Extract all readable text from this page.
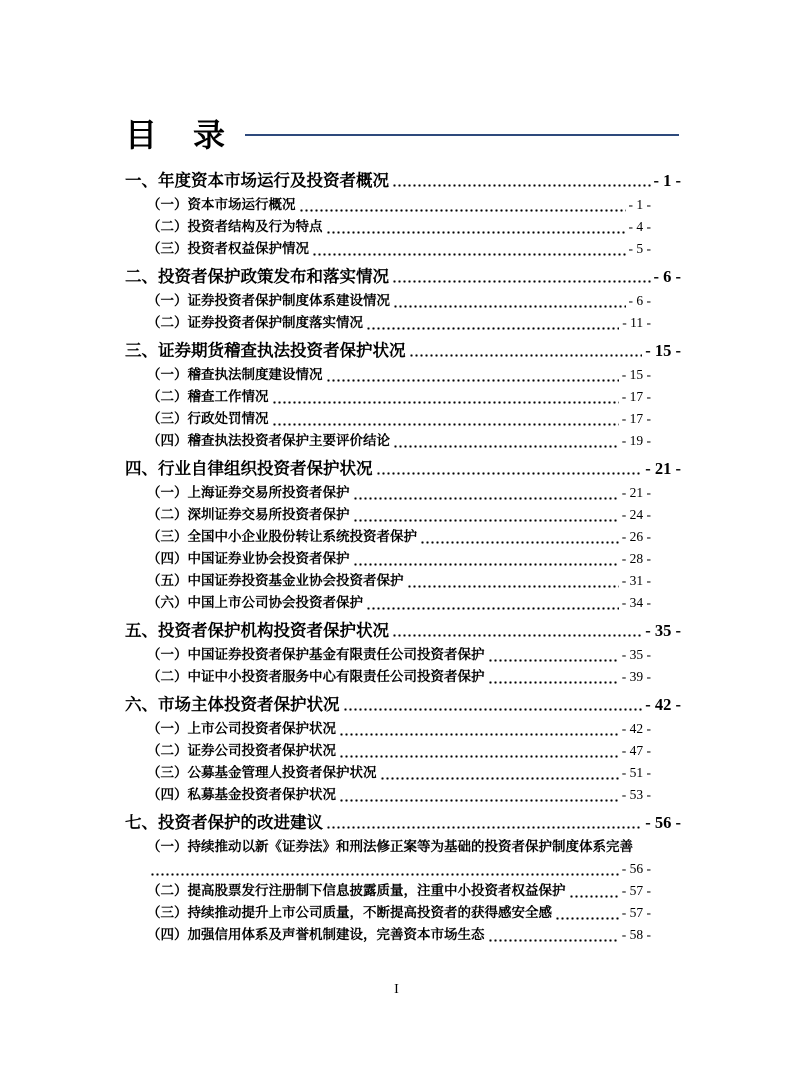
目　录
一、年度资本市场运行及投资者概况	- 1 -
（一）资本市场运行概况	- 1 -
（二）投资者结构及行为特点	- 4 -
（三）投资者权益保护情况	- 5 -
二、投资者保护政策发布和落实情况	- 6 -
（一）证券投资者保护制度体系建设情况	- 6 -
（二）证券投资者保护制度落实情况	- 11 -
三、证券期货稽查执法投资者保护状况	- 15 -
（一）稽查执法制度建设情况	- 15 -
（二）稽查工作情况	- 17 -
（三）行政处罚情况	- 17 -
（四）稽查执法投资者保护主要评价结论	- 19 -
四、行业自律组织投资者保护状况	- 21 -
（一）上海证券交易所投资者保护	- 21 -
（二）深圳证券交易所投资者保护	- 24 -
（三）全国中小企业股份转让系统投资者保护	- 26 -
（四）中国证券业协会投资者保护	- 28 -
（五）中国证券投资基金业协会投资者保护	- 31 -
（六）中国上市公司协会投资者保护	- 34 -
五、投资者保护机构投资者保护状况	- 35 -
（一）中国证券投资者保护基金有限责任公司投资者保护	- 35 -
（二）中证中小投资者服务中心有限责任公司投资者保护	- 39 -
六、市场主体投资者保护状况	- 42 -
（一）上市公司投资者保护状况	- 42 -
（二）证券公司投资者保护状况	- 47 -
（三）公募基金管理人投资者保护状况	- 51 -
（四）私募基金投资者保护状况	- 53 -
七、投资者保护的改进建议	- 56 -
（一）持续推动以新《证券法》和刑法修正案等为基础的投资者保护制度体系完善
- 56 -
（二）提高股票发行注册制下信息披露质量，注重中小投资者权益保护	- 57 -
（三）持续推动提升上市公司质量，不断提高投资者的获得感安全感	- 57 -
（四）加强信用体系及声誉机制建设，完善资本市场生态	- 58 -
I
